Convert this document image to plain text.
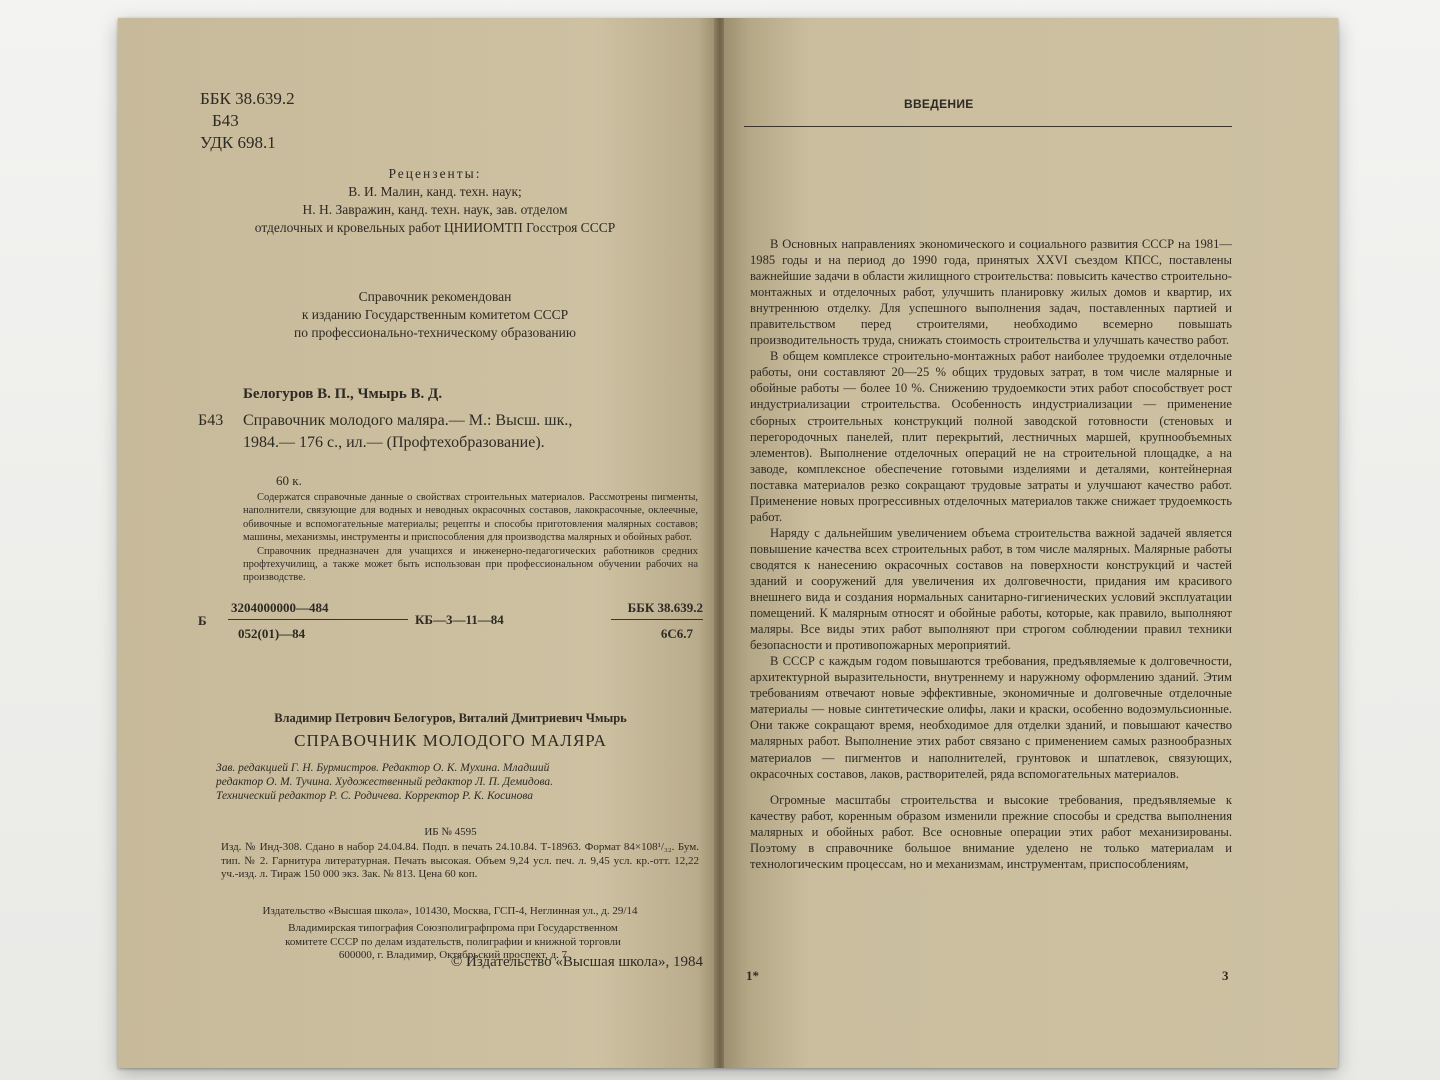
ББК 38.639.2
Б43
УДК 698.1
Рецензенты:
В. И. Малин, канд. техн. наук;
Н. Н. Завражин, канд. техн. наук, зав. отделом
отделочных и кровельных работ ЦНИИОМТП Госстроя СССР
Справочник рекомендован
к изданию Государственным комитетом СССР
по профессионально-техническому образованию
Белогуров В. П., Чмырь В. Д.
Б43 Справочник молодого маляра.— М.: Высш. шк.,
1984.— 176 с., ил.— (Профтехобразование).
60 к.

Содержатся справочные данные о свойствах строительных материалов. Рассмотрены пигменты, наполнители, связующие для водных и неводных окрасочных составов, лакокрасочные, оклеечные, обивочные и вспомогательные материалы; рецепты и способы приготовления малярных составов; машины, механизмы, инструменты и приспособления для производства малярных и обойных работ.

Справочник предназначен для учащихся и инженерно-педагогических работников средних профтехучилищ, а также может быть использован при профессиональном обучении рабочих на производстве.

Б
3204000000—484
052(01)—84
КБ—3—11—84
ББК 38.639.2
6С6.7
Владимир Петрович Белогуров, Виталий Дмитриевич Чмырь
СПРАВОЧНИК МОЛОДОГО МАЛЯРА

Зав. редакцией Г. Н. Бурмистров. Редактор О. К. Мухина. Младший

редактор О. М. Тучина. Художественный редактор Л. П. Демидова.

Технический редактор Р. С. Родичева. Корректор Р. К. Косинова

ИБ № 4595

Изд. № Инд-308. Сдано в набор 24.04.84. Подп. в печать 24.10.84. Т-18963. Формат 84×108¹/₃₂. Бум. тип. № 2. Гарнитура литературная. Печать высокая. Объем 9,24 усл. печ. л. 9,45 усл. кр.-отт. 12,22 уч.-изд. л. Тираж 150 000 экз. Зак. № 813. Цена 60 коп.

Издательство «Высшая школа», 101430, Москва, ГСП-4, Неглинная ул., д. 29/14
Владимирская типография Союзполиграфпрома при Государственном
комитете СССР по делам издательств, полиграфии и книжной торговли
600000, г. Владимир, Октябрьский проспект, д. 7
© Издательство «Высшая школа», 1984
ВВЕДЕНИЕ

В Основных направлениях экономического и социального развития СССР на 1981—1985 годы и на период до 1990 года, принятых XXVI съездом КПСС, поставлены важнейшие задачи в области жилищного строительства: повысить качество строительно-монтажных и отделочных работ, улучшить планировку жилых домов и квартир, их внутреннюю отделку. Для успешного выполнения задач, поставленных партией и правительством перед строителями, необходимо всемерно повышать производительность труда, снижать стоимость строительства и улучшать качество работ.

В общем комплексе строительно-монтажных работ наиболее трудоемки отделочные работы, они составляют 20—25 % общих трудовых затрат, в том числе малярные и обойные работы — более 10 %. Снижению трудоемкости этих работ способствует рост индустриализации строительства. Особенность индустриализации — применение сборных строительных конструкций полной заводской готовности (стеновых и перегородочных панелей, плит перекрытий, лестничных маршей, крупнообъемных элементов). Выполнение отделочных операций не на строительной площадке, а на заводе, комплексное обеспечение готовыми изделиями и деталями, контейнерная поставка материалов резко сокращают трудовые затраты и улучшают качество работ. Применение новых прогрессивных отделочных материалов также снижает трудоемкость работ.

Наряду с дальнейшим увеличением объема строительства важной задачей является повышение качества всех строительных работ, в том числе малярных. Малярные работы сводятся к нанесению окрасочных составов на поверхности конструкций и частей зданий и сооружений для увеличения их долговечности, придания им красивого внешнего вида и создания нормальных санитарно-гигиенических условий эксплуатации помещений. К малярным относят и обойные работы, которые, как правило, выполняют маляры. Все виды этих работ выполняют при строгом соблюдении правил техники безопасности и противопожарных мероприятий.

В СССР с каждым годом повышаются требования, предъявляемые к долговечности, архитектурной выразительности, внутреннему и наружному оформлению зданий. Этим требованиям отвечают новые эффективные, экономичные и долговечные отделочные материалы — новые синтетические олифы, лаки и краски, особенно водоэмульсионные. Они также сокращают время, необходимое для отделки зданий, и повышают качество малярных работ. Выполнение этих работ связано с применением самых разнообразных материалов — пигментов и наполнителей, грунтовок и шпатлевок, связующих, окрасочных составов, лаков, растворителей, ряда вспомогательных материалов.

Огромные масштабы строительства и высокие требования, предъявляемые к качеству работ, коренным образом изменили прежние способы и средства выполнения малярных и обойных работ. Все основные операции этих работ механизированы. Поэтому в справочнике большое внимание уделено не только материалам и технологическим процессам, но и механизмам, инструментам, приспособлениям,

1*	3
